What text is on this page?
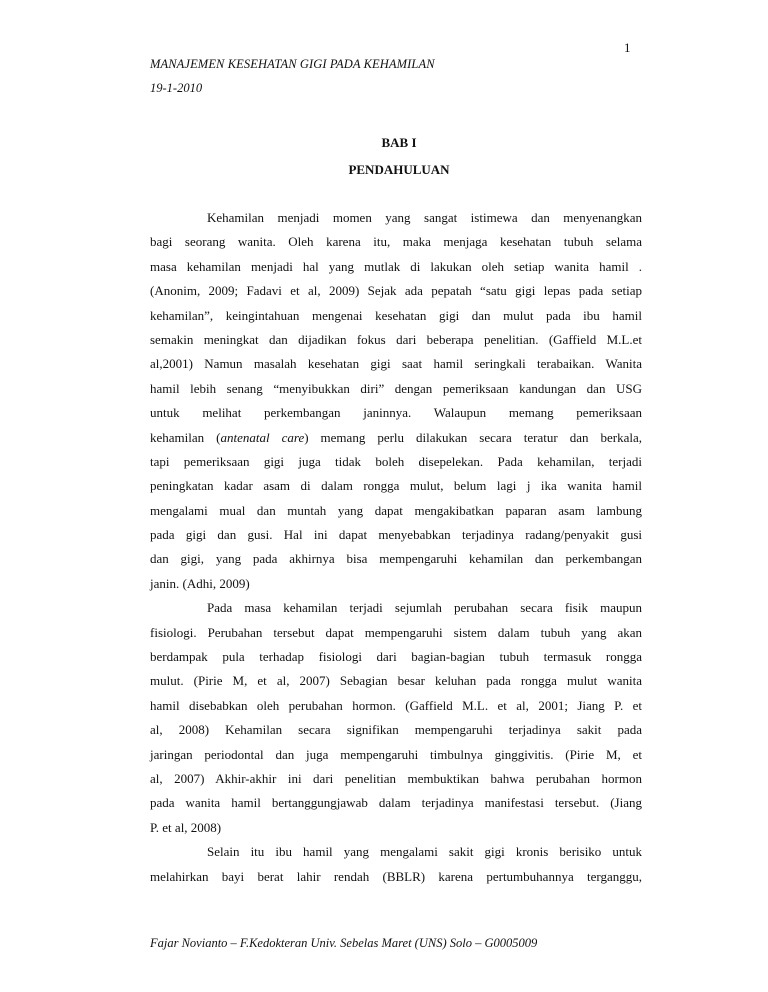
1
MANAJEMEN KESEHATAN GIGI PADA KEHAMILAN
19-1-2010
BAB I
PENDAHULUAN
Kehamilan menjadi momen yang sangat istimewa dan menyenangkan
bagi seorang wanita. Oleh karena itu, maka menjaga kesehatan tubuh selama
masa kehamilan menjadi hal yang mutlak di lakukan oleh setiap wanita hamil .
(Anonim, 2009; Fadavi et al, 2009) Sejak ada pepatah “satu gigi lepas pada setiap
kehamilan”, keingintahuan mengenai kesehatan gigi dan mulut pada ibu hamil
semakin meningkat dan dijadikan fokus dari beberapa penelitian. (Gaffield M.L.et
al,2001) Namun masalah kesehatan gigi saat hamil seringkali terabaikan. Wanita
hamil lebih senang “menyibukkan diri” dengan pemeriksaan kandungan dan USG
untuk melihat perkembangan janinnya. Walaupun memang pemeriksaan
kehamilan (antenatal care) memang perlu dilakukan secara teratur dan berkala,
tapi pemeriksaan gigi juga tidak boleh disepelekan. Pada kehamilan, terjadi
peningkatan kadar asam di dalam rongga mulut, belum lagi j ika wanita hamil
mengalami mual dan muntah yang dapat mengakibatkan paparan asam lambung
pada gigi dan gusi. Hal ini dapat menyebabkan terjadinya radang/penyakit gusi
dan gigi, yang pada akhirnya bisa mempengaruhi kehamilan dan perkembangan
janin. (Adhi, 2009)
Pada masa kehamilan terjadi sejumlah perubahan secara fisik maupun
fisiologi. Perubahan tersebut dapat mempengaruhi sistem dalam tubuh yang akan
berdampak pula terhadap fisiologi dari bagian-bagian tubuh termasuk rongga
mulut. (Pirie M, et al, 2007) Sebagian besar keluhan pada rongga mulut wanita
hamil disebabkan oleh perubahan hormon. (Gaffield M.L. et al, 2001; Jiang P. et
al, 2008) Kehamilan secara signifikan mempengaruhi terjadinya sakit pada
jaringan periodontal dan juga mempengaruhi timbulnya ginggivitis. (Pirie M, et
al, 2007) Akhir-akhir ini dari penelitian membuktikan bahwa perubahan hormon
pada wanita hamil bertanggungjawab dalam terjadinya manifestasi tersebut. (Jiang
P. et al, 2008)
Selain itu ibu hamil yang mengalami sakit gigi kronis berisiko untuk
melahirkan bayi berat lahir rendah (BBLR) karena pertumbuhannya terganggu,
Fajar Novianto – F.Kedokteran Univ. Sebelas Maret (UNS) Solo – G0005009
